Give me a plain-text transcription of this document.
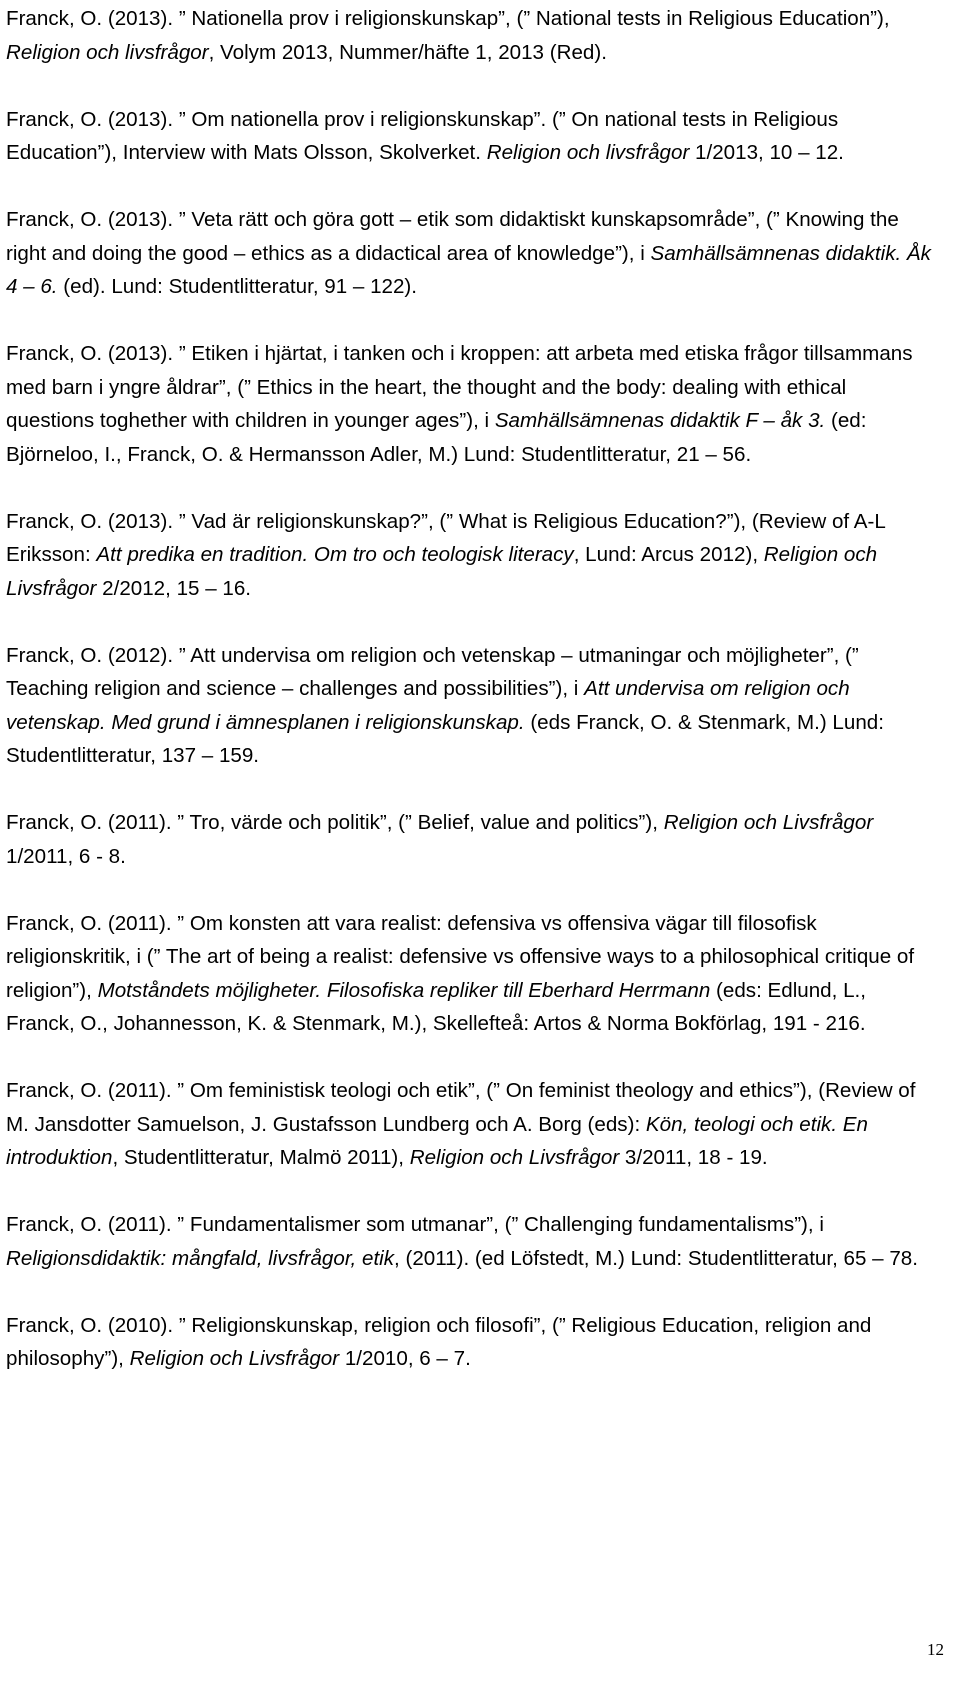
Franck, O. (2013). ” Nationella prov i religionskunskap”, (” National tests in Religious Education”), Religion och livsfrågor, Volym 2013, Nummer/häfte 1, 2013 (Red).

Franck, O. (2013). ” Om nationella prov i religionskunskap”. (” On national tests in Religious Education”), Interview with Mats Olsson, Skolverket. Religion och livsfrågor 1/2013, 10 – 12.

Franck, O. (2013). ” Veta rätt och göra gott – etik som didaktiskt kunskapsområde”, (” Knowing the right and doing the good – ethics as a didactical area of knowledge”), i Samhällsämnenas didaktik. Åk 4 – 6. (ed). Lund: Studentlitteratur, 91 – 122).

Franck, O. (2013). ” Etiken i hjärtat, i tanken och i kroppen: att arbeta med etiska frågor tillsammans med barn i yngre åldrar”, (” Ethics in the heart, the thought and the body: dealing with ethical questions toghether with children in younger ages”), i Samhällsämnenas didaktik F – åk 3. (ed: Björneloo, I., Franck, O. & Hermansson Adler, M.) Lund: Studentlitteratur, 21 – 56.

Franck, O. (2013). ” Vad är religionskunskap?”, (” What is Religious Education?”), (Review of A-L Eriksson: Att predika en tradition. Om tro och teologisk literacy, Lund: Arcus 2012), Religion och Livsfrågor 2/2012, 15 – 16.

Franck, O. (2012). ” Att undervisa om religion och vetenskap – utmaningar och möjligheter”, (” Teaching religion and science – challenges and possibilities”), i Att undervisa om religion och vetenskap. Med grund i ämnesplanen i religionskunskap. (eds Franck, O. & Stenmark, M.) Lund: Studentlitteratur, 137 – 159.

Franck, O. (2011). ” Tro, värde och politik”, (” Belief, value and politics”), Religion och Livsfrågor 1/2011, 6 - 8.

Franck, O. (2011). ” Om konsten att vara realist: defensiva vs offensiva vägar till filosofisk religionskritik, i (” The art of being a realist: defensive vs offensive ways to a philosophical critique of religion”), Motståndets möjligheter. Filosofiska repliker till Eberhard Herrmann (eds: Edlund, L., Franck, O., Johannesson, K. & Stenmark, M.), Skellefteå: Artos & Norma Bokförlag, 191 - 216.

Franck, O. (2011). ” Om feministisk teologi och etik”, (” On feminist theology and ethics”), (Review of M. Jansdotter Samuelson, J. Gustafsson Lundberg och A. Borg (eds): Kön, teologi och etik. En introduktion, Studentlitteratur, Malmö 2011), Religion och Livsfrågor 3/2011, 18 - 19.

Franck, O. (2011). ” Fundamentalismer som utmanar”, (” Challenging fundamentalisms”), i Religionsdidaktik: mångfald, livsfrågor, etik, (2011). (ed Löfstedt, M.) Lund: Studentlitteratur, 65 – 78.

Franck, O. (2010). ” Religionskunskap, religion och filosofi”, (” Religious Education, religion and philosophy”), Religion och Livsfrågor 1/2010, 6 – 7.

12
